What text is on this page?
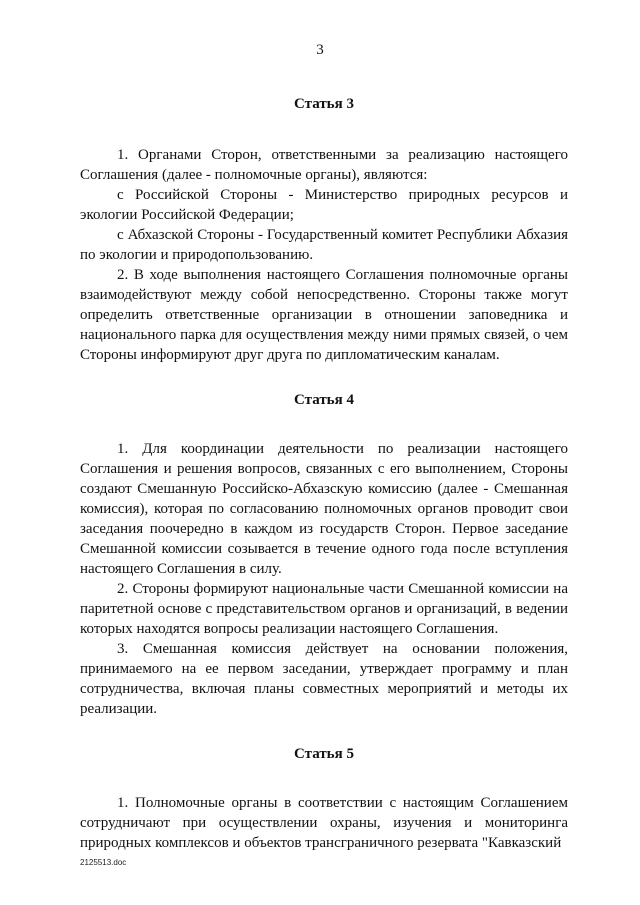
3
Статья 3

1. Органами Сторон, ответственными за реализацию настоящего Соглашения (далее - полномочные органы), являются:

с Российской Стороны - Министерство природных ресурсов и экологии Российской Федерации;

с Абхазской Стороны - Государственный комитет Республики Абхазия по экологии и природопользованию.

2. В ходе выполнения настоящего Соглашения полномочные органы взаимодействуют между собой непосредственно. Стороны также могут определить ответственные организации в отношении заповедника и национального парка для осуществления между ними прямых связей, о чем Стороны информируют друг друга по дипломатическим каналам.

Статья 4

1. Для координации деятельности по реализации настоящего Соглашения и решения вопросов, связанных с его выполнением, Стороны создают Смешанную Российско-Абхазскую комиссию (далее - Смешанная комиссия), которая по согласованию полномочных органов проводит свои заседания поочередно в каждом из государств Сторон. Первое заседание Смешанной комиссии созывается в течение одного года после вступления настоящего Соглашения в силу.

2. Стороны формируют национальные части Смешанной комиссии на паритетной основе с представительством органов и организаций, в ведении которых находятся вопросы реализации настоящего Соглашения.

3. Смешанная комиссия действует на основании положения, принимаемого на ее первом заседании, утверждает программу и план сотрудничества, включая планы совместных мероприятий и методы их реализации.

Статья 5

1. Полномочные органы в соответствии с настоящим Соглашением сотрудничают при осуществлении охраны, изучения и мониторинга природных комплексов и объектов трансграничного резервата "Кавказский

2125513.doc
